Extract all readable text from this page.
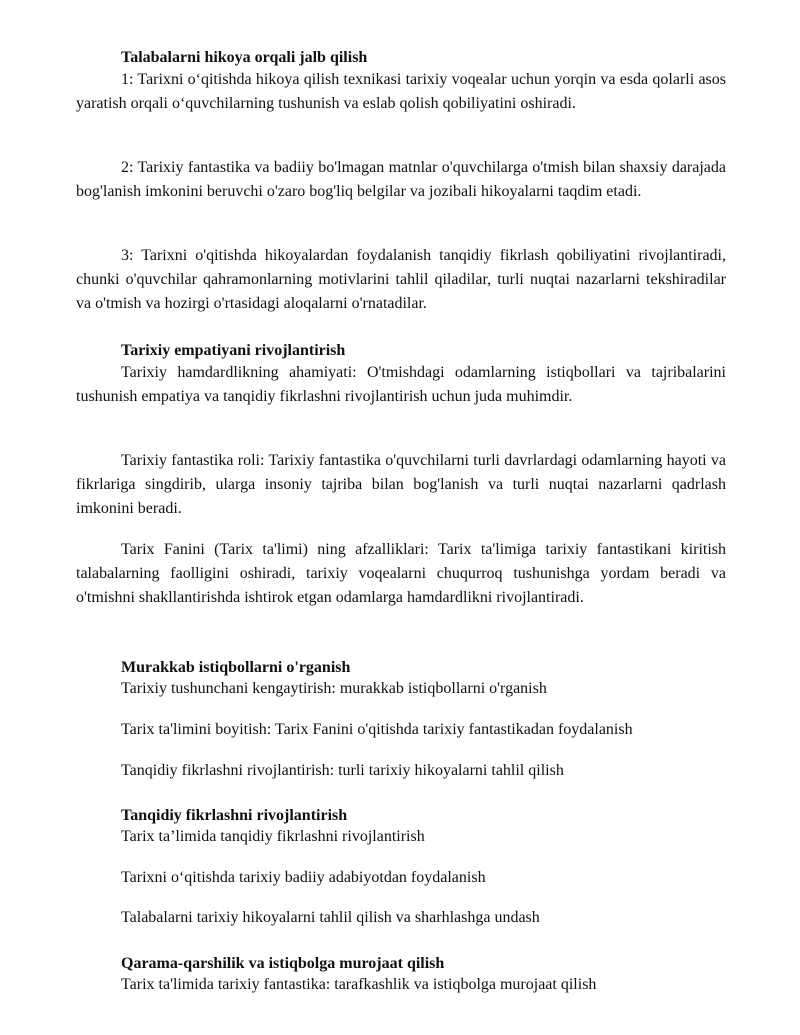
Talabalarni hikoya orqali jalb qilish

1: Tarixni o‘qitishda hikoya qilish texnikasi tarixiy voqealar uchun yorqin va esda qolarli asos yaratish orqali o‘quvchilarning tushunish va eslab qolish qobiliyatini oshiradi.

2: Tarixiy fantastika va badiiy bo'lmagan matnlar o'quvchilarga o'tmish bilan shaxsiy darajada bog'lanish imkonini beruvchi o'zaro bog'liq belgilar va jozibali hikoyalarni taqdim etadi.

3: Tarixni o'qitishda hikoyalardan foydalanish tanqidiy fikrlash qobiliyatini rivojlantiradi, chunki o'quvchilar qahramonlarning motivlarini tahlil qiladilar, turli nuqtai nazarlarni tekshiradilar va o'tmish va hozirgi o'rtasidagi aloqalarni o'rnatadilar.

Tarixiy empatiyani rivojlantirish

Tarixiy hamdardlikning ahamiyati: O'tmishdagi odamlarning istiqbollari va tajribalarini tushunish empatiya va tanqidiy fikrlashni rivojlantirish uchun juda muhimdir.

Tarixiy fantastika roli: Tarixiy fantastika o'quvchilarni turli davrlardagi odamlarning hayoti va fikrlariga singdirib, ularga insoniy tajriba bilan bog'lanish va turli nuqtai nazarlarni qadrlash imkonini beradi.

Tarix Fanini (Tarix ta'limi) ning afzalliklari: Tarix ta'limiga tarixiy fantastikani kiritish talabalarning faolligini oshiradi, tarixiy voqealarni chuqurroq tushunishga yordam beradi va o'tmishni shakllantirishda ishtirok etgan odamlarga hamdardlikni rivojlantiradi.

Murakkab istiqbollarni o'rganish
Tarixiy tushunchani kengaytirish: murakkab istiqbollarni o'rganish
Tarix ta'limini boyitish: Tarix Fanini o'qitishda tarixiy fantastikadan foydalanish
Tanqidiy fikrlashni rivojlantirish: turli tarixiy hikoyalarni tahlil qilish
Tanqidiy fikrlashni rivojlantirish
Tarix ta’limida tanqidiy fikrlashni rivojlantirish
Tarixni o‘qitishda tarixiy badiiy adabiyotdan foydalanish
Talabalarni tarixiy hikoyalarni tahlil qilish va sharhlashga undash
Qarama-qarshilik va istiqbolga murojaat qilish
Tarix ta'limida tarixiy fantastika: tarafkashlik va istiqbolga murojaat qilish
